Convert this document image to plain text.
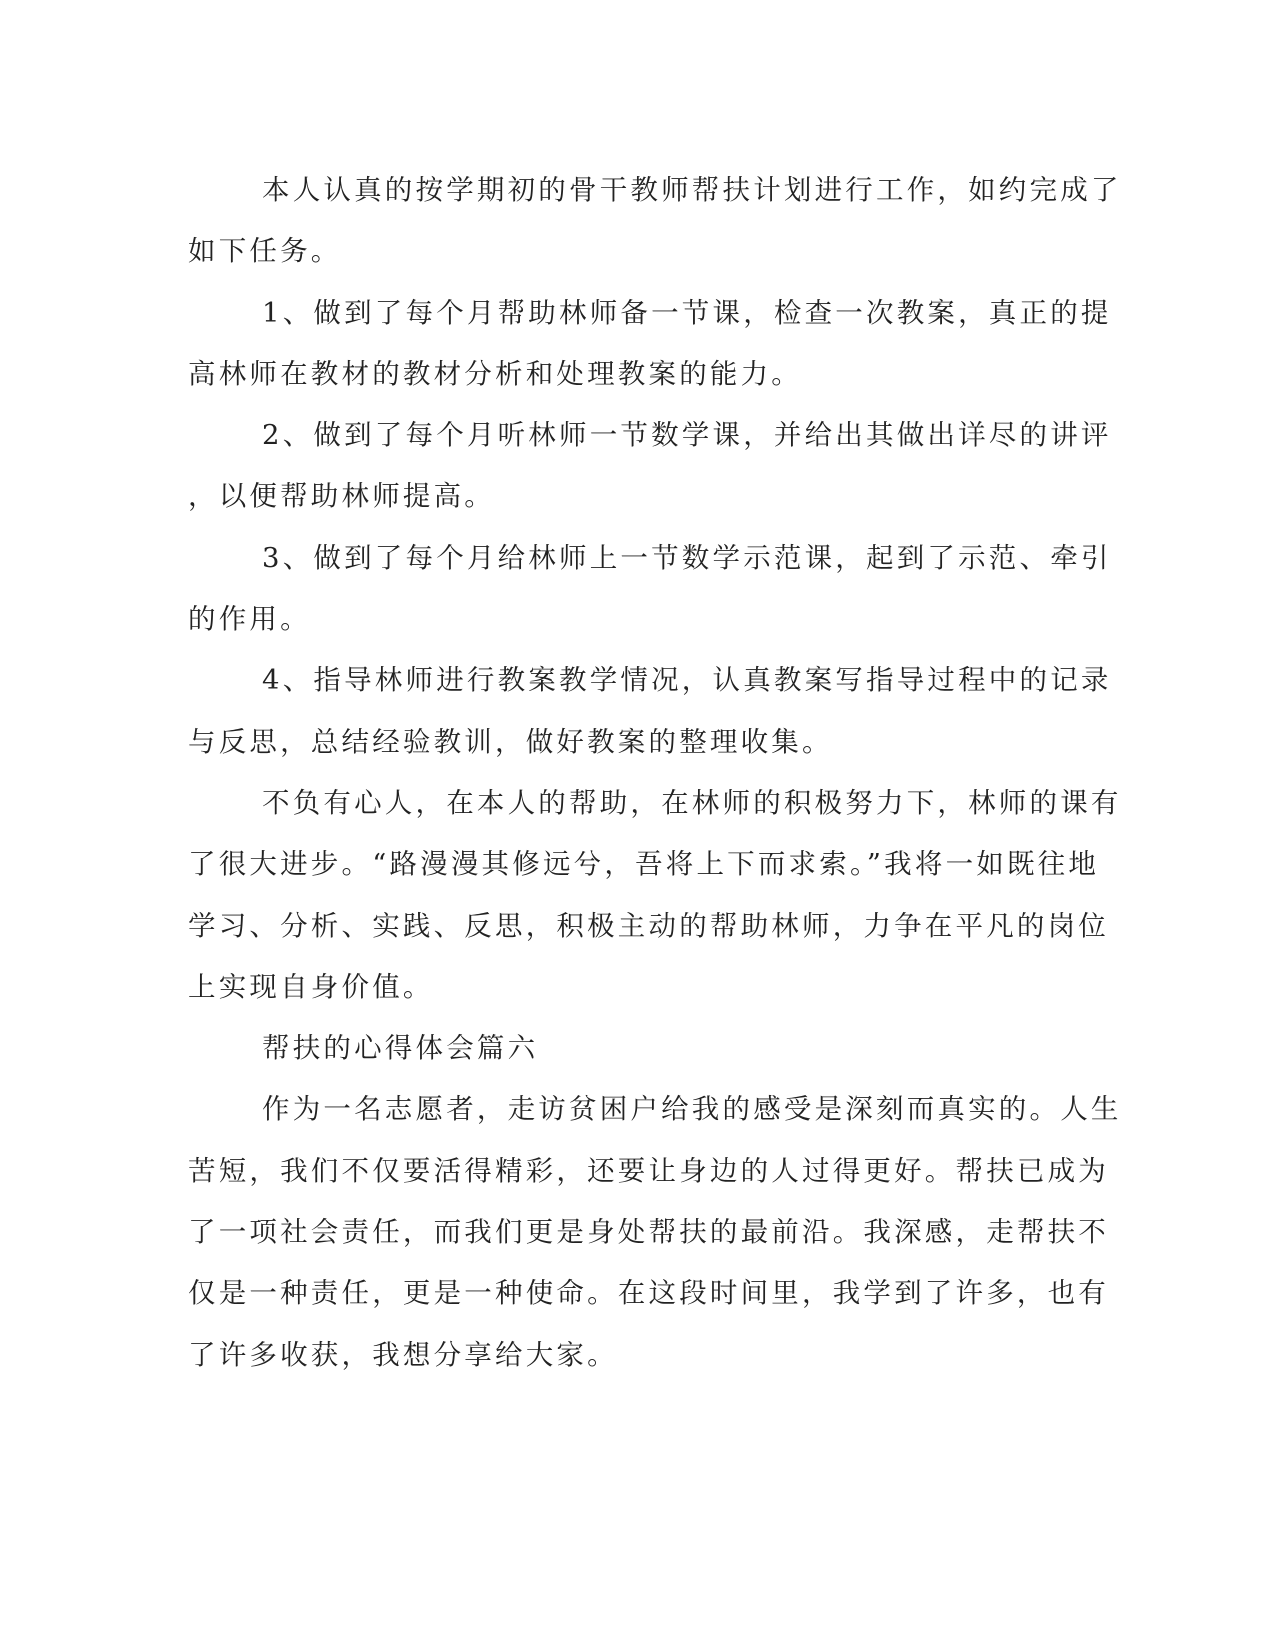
本人认真的按学期初的骨干教师帮扶计划进行工作，如约完成了

如下任务。

1、做到了每个月帮助林师备一节课，检查一次教案，真正的提

高林师在教材的教材分析和处理教案的能力。

2、做到了每个月听林师一节数学课，并给出其做出详尽的讲评

，以便帮助林师提高。

3、做到了每个月给林师上一节数学示范课，起到了示范、牵引

的作用。

4、指导林师进行教案教学情况，认真教案写指导过程中的记录

与反思，总结经验教训，做好教案的整理收集。

不负有心人，在本人的帮助，在林师的积极努力下，林师的课有

了很大进步。“路漫漫其修远兮，吾将上下而求索。”我将一如既往地

学习、分析、实践、反思，积极主动的帮助林师，力争在平凡的岗位

上实现自身价值。

帮扶的心得体会篇六

作为一名志愿者，走访贫困户给我的感受是深刻而真实的。人生

苦短，我们不仅要活得精彩，还要让身边的人过得更好。帮扶已成为

了一项社会责任，而我们更是身处帮扶的最前沿。我深感，走帮扶不

仅是一种责任，更是一种使命。在这段时间里，我学到了许多，也有

了许多收获，我想分享给大家。
